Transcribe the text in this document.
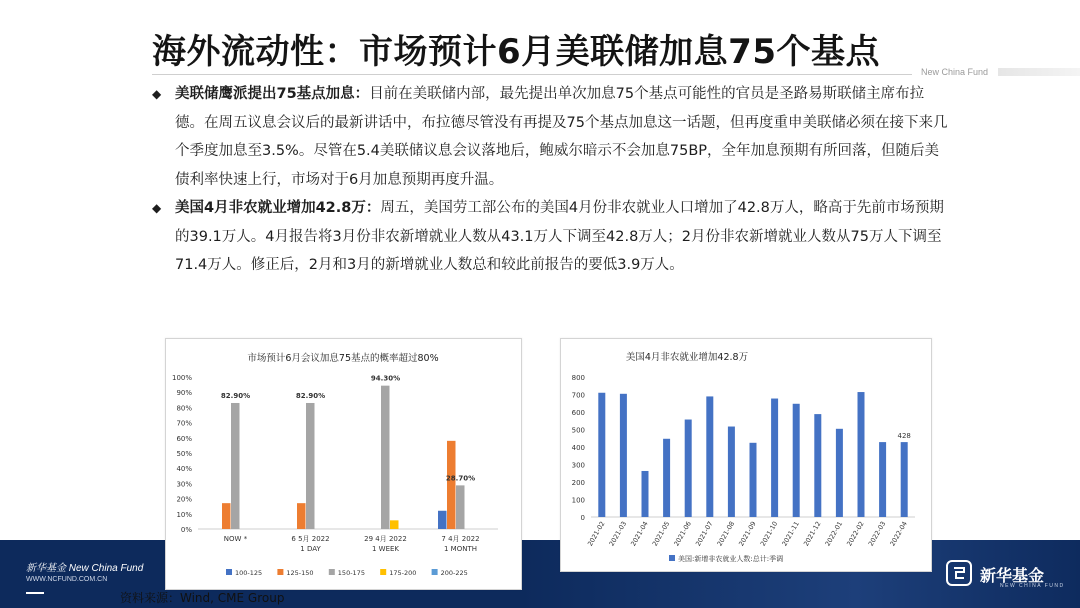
海外流动性：市场预计6月美联储加息75个基点	New China Fund
◆ 美联储鹰派提出75基点加息：目前在美联储内部，最先提出单次加息75个基点可能性的官员是圣路易斯联储主席布拉德。在周五议息会议后的最新讲话中，布拉德尽管没有再提及75个基点加息这一话题，但再度重申美联储必须在接下来几个季度加息至3.5%。尽管在5.4美联储议息会议落地后，鲍威尔暗示不会加息75BP，全年加息预期有所回落，但随后美债利率快速上行，市场对于6月加息预期再度升温。
◆ 美国4月非农就业增加42.8万：周五，美国劳工部公布的美国4月份非农就业人口增加了42.8万人，略高于先前市场预期的39.1万人。4月报告将3月份非农新增就业人数从43.1万人下调至42.8万人；2月份非农新增就业人数从75万人下调至71.4万人。修正后，2月和3月的新增就业人数总和较此前报告的要低3.9万人。
新华基金 New China Fund
WWW.NCFUND.COM.CN	新华基金
NEW CHINA FUND
市场预计6月会议加息75基点的概率超过80%
0%
10%
20%
30%
40%
50%
60%
70%
80%
90%
100%
NOW *	6 5月 2022
1 DAY
29 4月 2022
1 WEEK
7 4月 2022
1 MONTH
82.90%	82.90%
94.30%
28.70%
100-125	125-150	150-175	175-200	200-225
美国4月非农就业增加42.8万
0
100
200
300
400
500
600
700
800
2021-02 2021-03 2021-04 2021-05 2021-06 2021-07 2021-08 2021-09 2021-10 2021-11 2021-12 2022-01 2022-02 2022-03 2022-04
428
美国:新增非农就业人数:总计:季调
资料来源：Wind, CME Group
